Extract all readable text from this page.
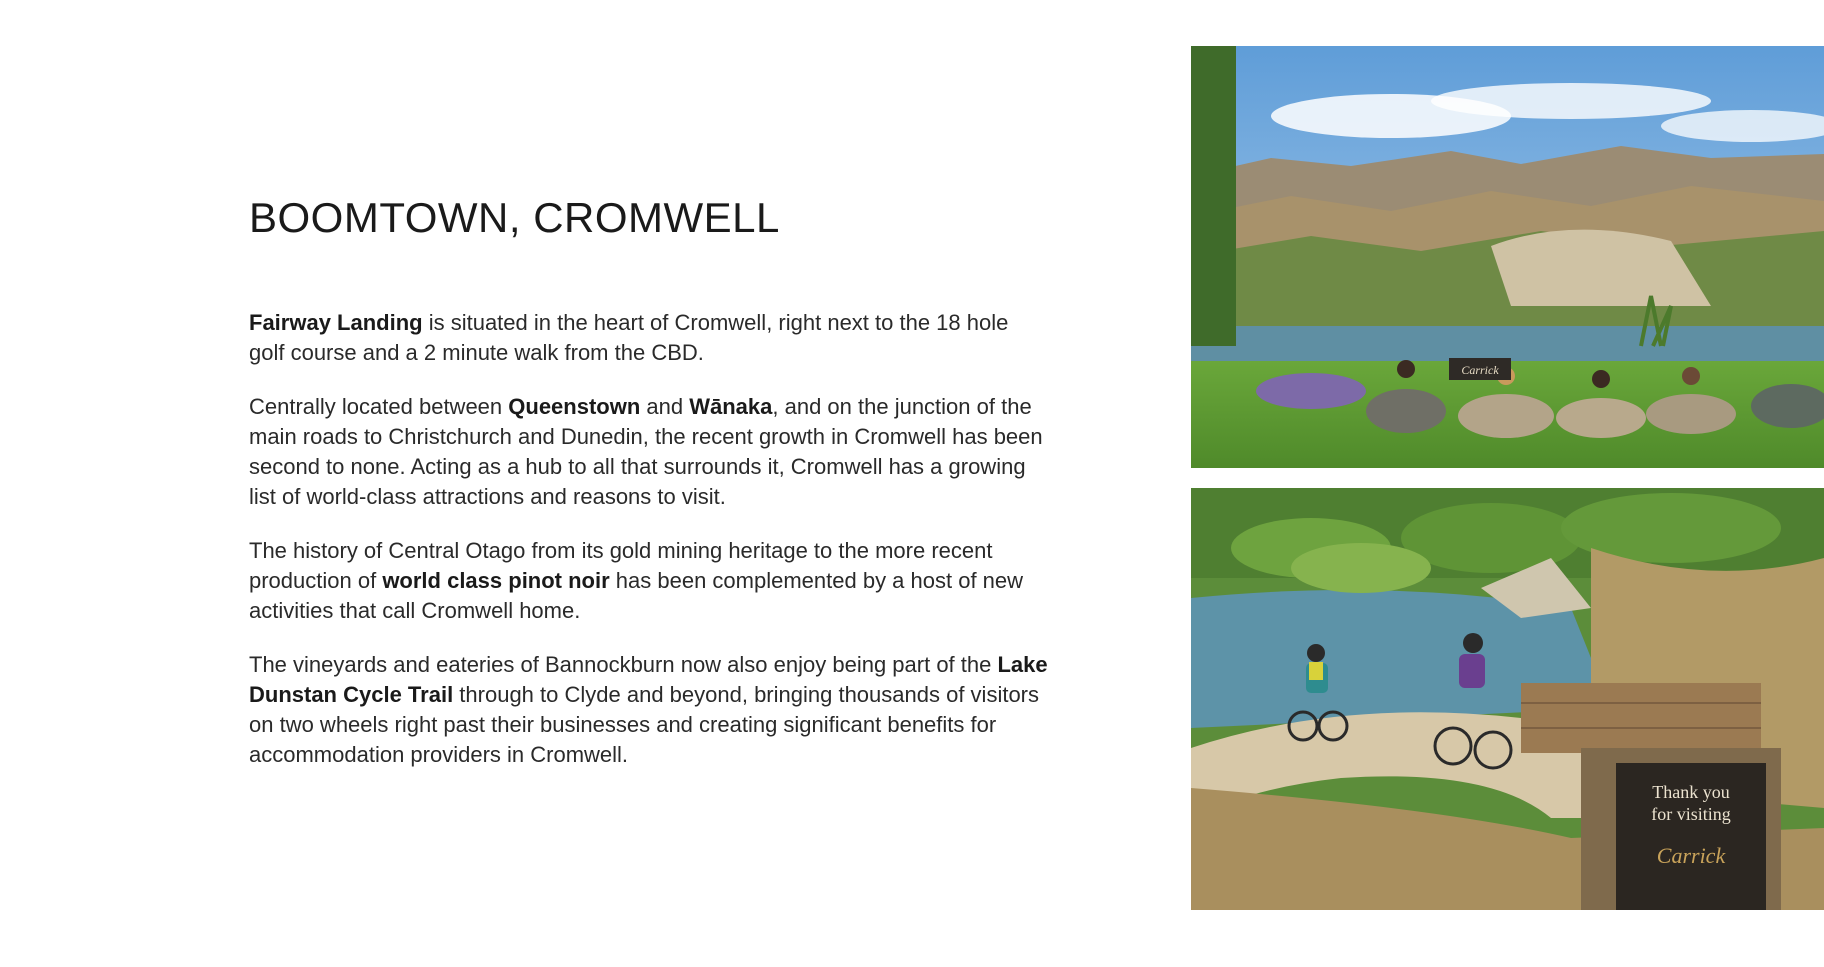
BOOMTOWN, CROMWELL

Fairway Landing is situated in the heart of Cromwell, right next to the 18 hole golf course and a 2 minute walk from the CBD.

Centrally located between Queenstown and Wānaka, and on the junction of the main roads to Christchurch and Dunedin, the recent growth in Cromwell has been second to none. Acting as a hub to all that surrounds it, Cromwell has a growing list of world-class attractions and reasons to visit.

The history of Central Otago from its gold mining heritage to the more recent production of world class pinot noir has been complemented by a host of new activities that call Cromwell home.

The vineyards and eateries of Bannockburn now also enjoy being part of the Lake Dunstan Cycle Trail through to Clyde and beyond, bringing thousands of visitors on two wheels right past their businesses and creating significant benefits for accommodation providers in Cromwell.

Carrick
Thank you
for visiting
Carrick
